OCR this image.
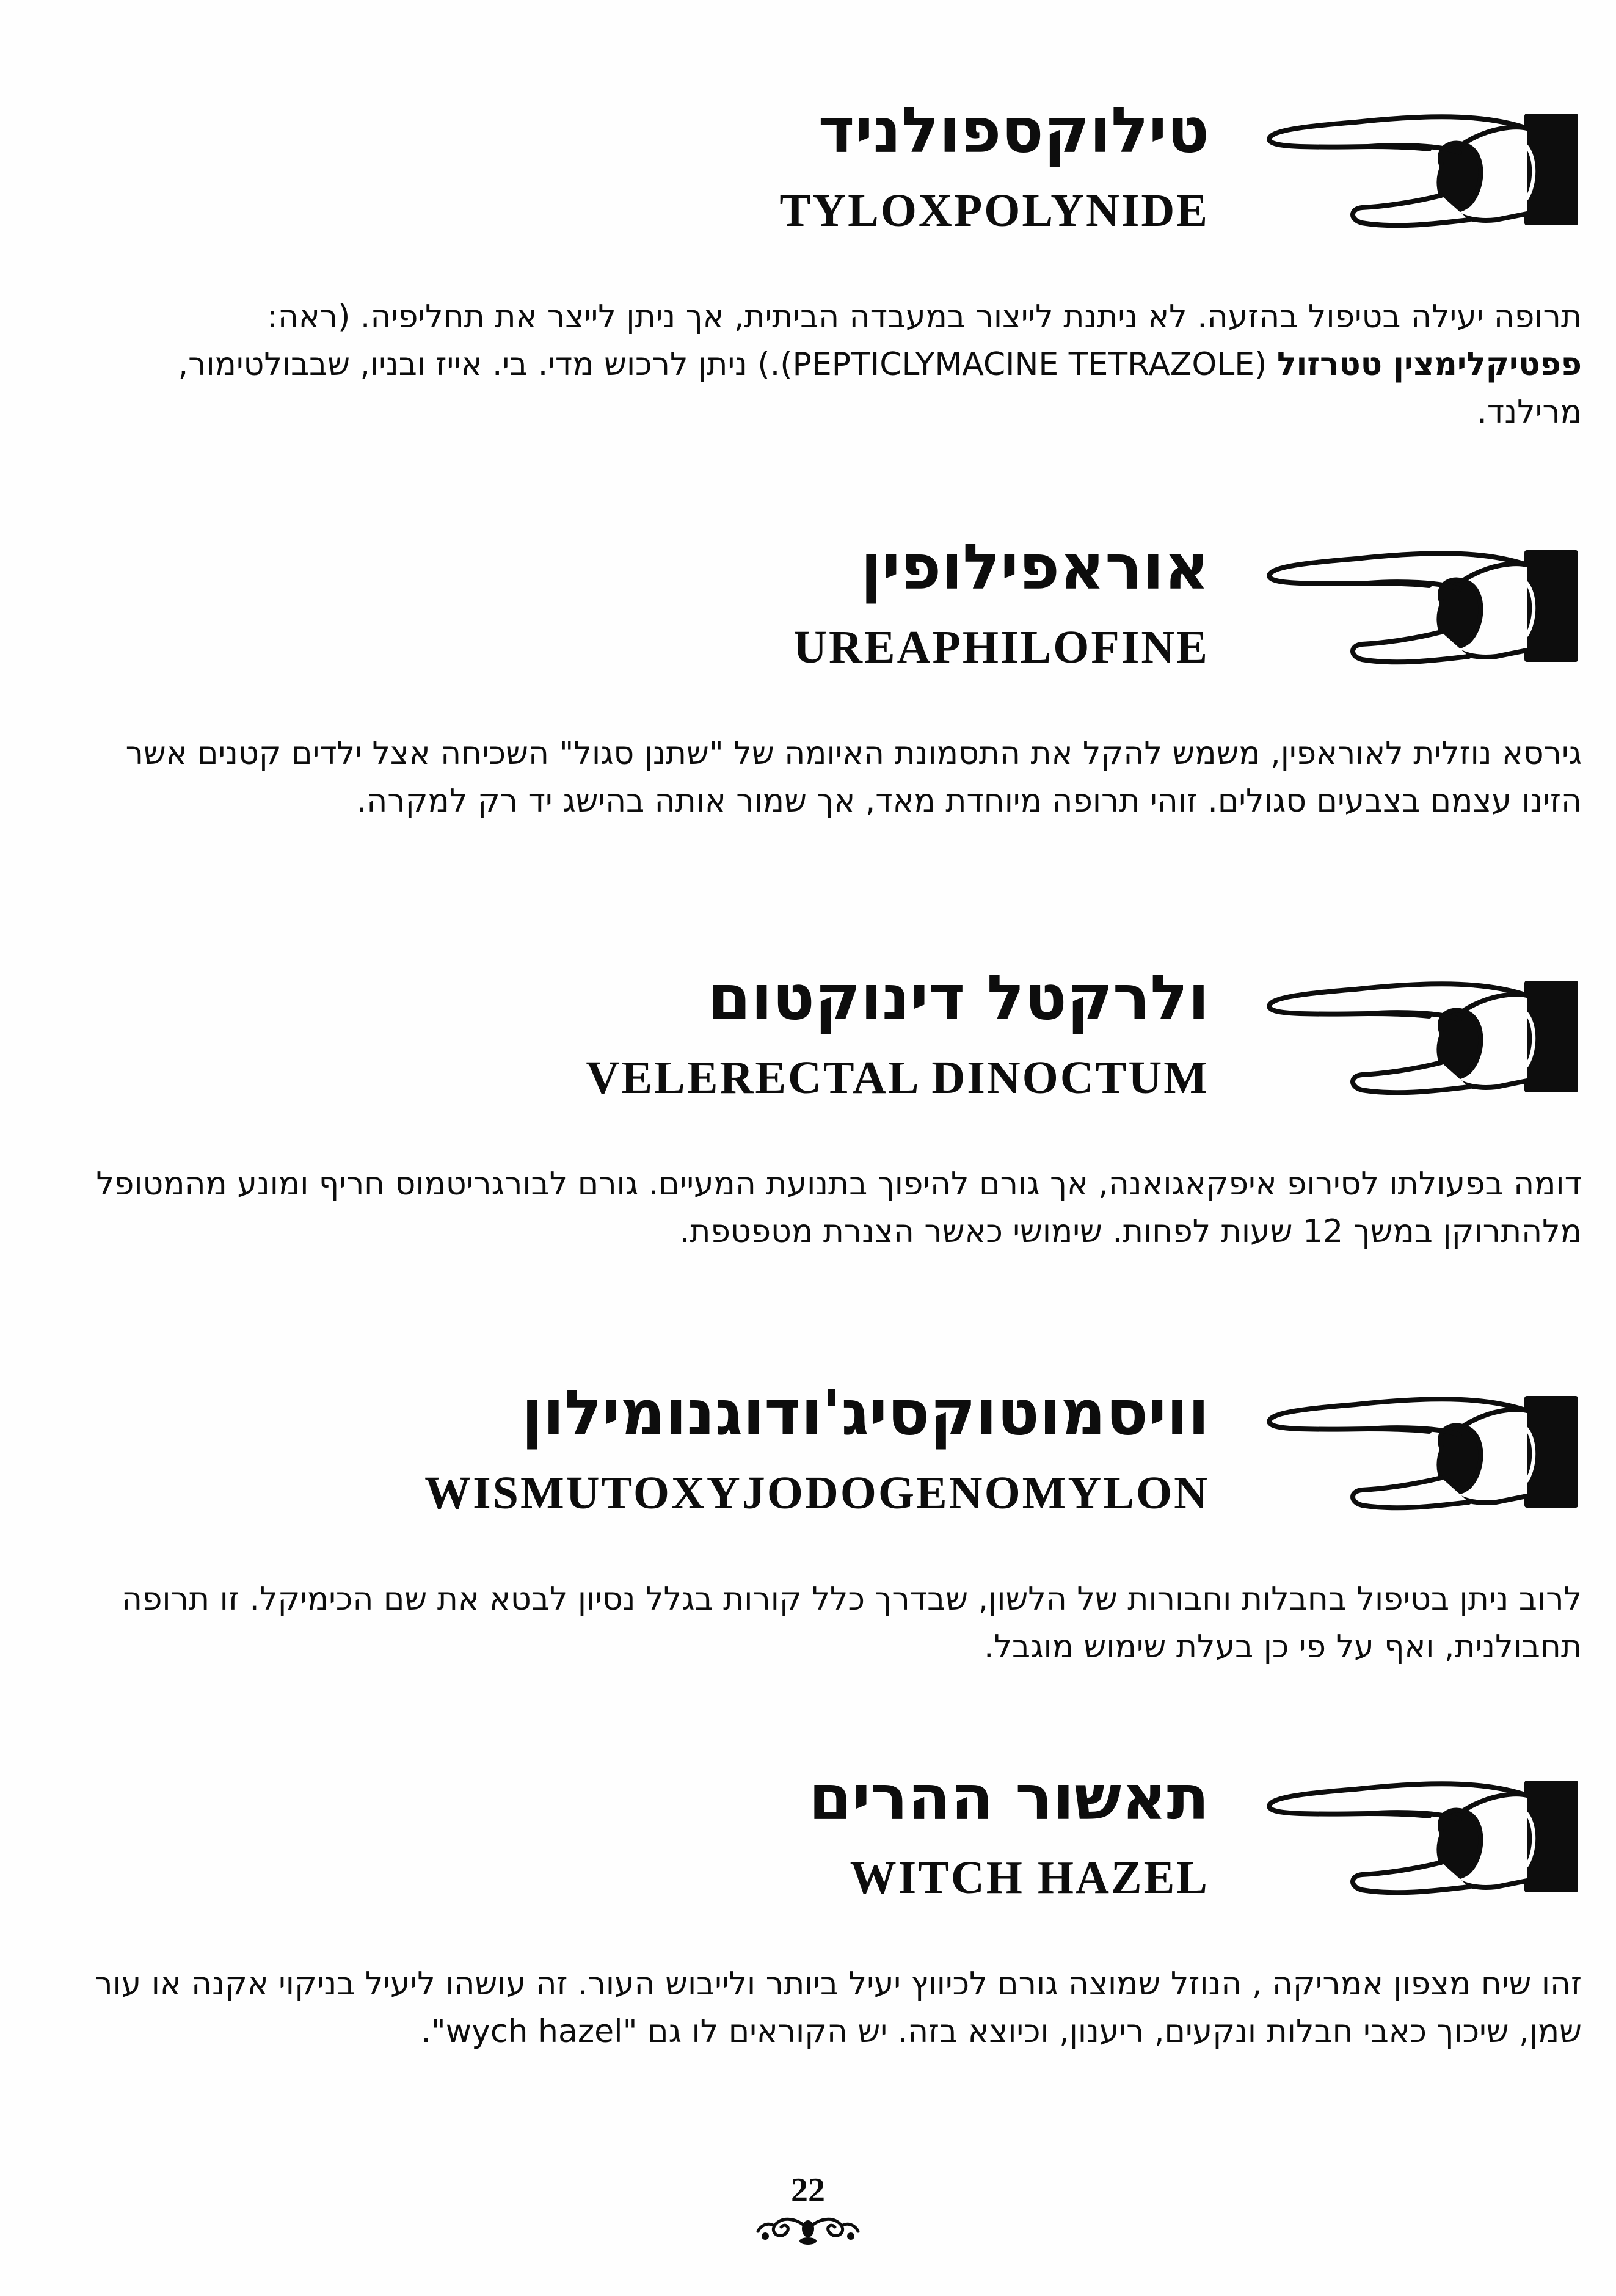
טילוקספולניד
TYLOXPOLYNIDE
תרופה יעילה בטיפול בהזעה. לא ניתנת לייצור במעבדה הביתית, אך ניתן לייצר את תחליפיה. (ראה: פפטיקלימצין טטרזול (PEPTICLYMACINE TETRAZOLE).) ניתן לרכוש מדי. בי. אייז ובניו, שבבולטימור, מרילנד.
אוראפילופין
UREAPHILOFINE
גירסא נוזלית לאוראפין, משמש להקל את התסמונת האיומה של "שתנן סגול" השכיחה אצל ילדים קטנים אשר הזינו עצמם בצבעים סגולים. זוהי תרופה מיוחדת מאד, אך שמור אותה בהישג יד רק למקרה.
ולרקטל דינוקטום
VELERECTAL DINOCTUM
דומה בפעולתו לסירופ איפקאגואנה, אך גורם להיפוך בתנועת המעיים. גורם לבורגריטמוס חריף ומונע מהמטופל מלהתרוקן במשך 12 שעות לפחות. שימושי כאשר הצנרת מטפטפת.
וויסמוטוקסיג'ודוגנומילון
WISMUTOXYJODOGENOMYLON
לרוב ניתן בטיפול בחבלות וחבורות של הלשון, שבדרך כלל קורות בגלל נסיון לבטא את שם הכימיקל. זו תרופה תחבולנית, ואף על פי כן בעלת שימוש מוגבל.
תאשור ההרים
WITCH HAZEL
זהו שיח מצפון אמריקה , הנוזל שמוצה גורם לכיווץ יעיל ביותר ולייבוש העור. זה עושהו ליעיל בניקוי אקנה או עור שמן, שיכוך כאבי חבלות ונקעים, ריענון, וכיוצא בזה. יש הקוראים לו גם "wych hazel".
22
